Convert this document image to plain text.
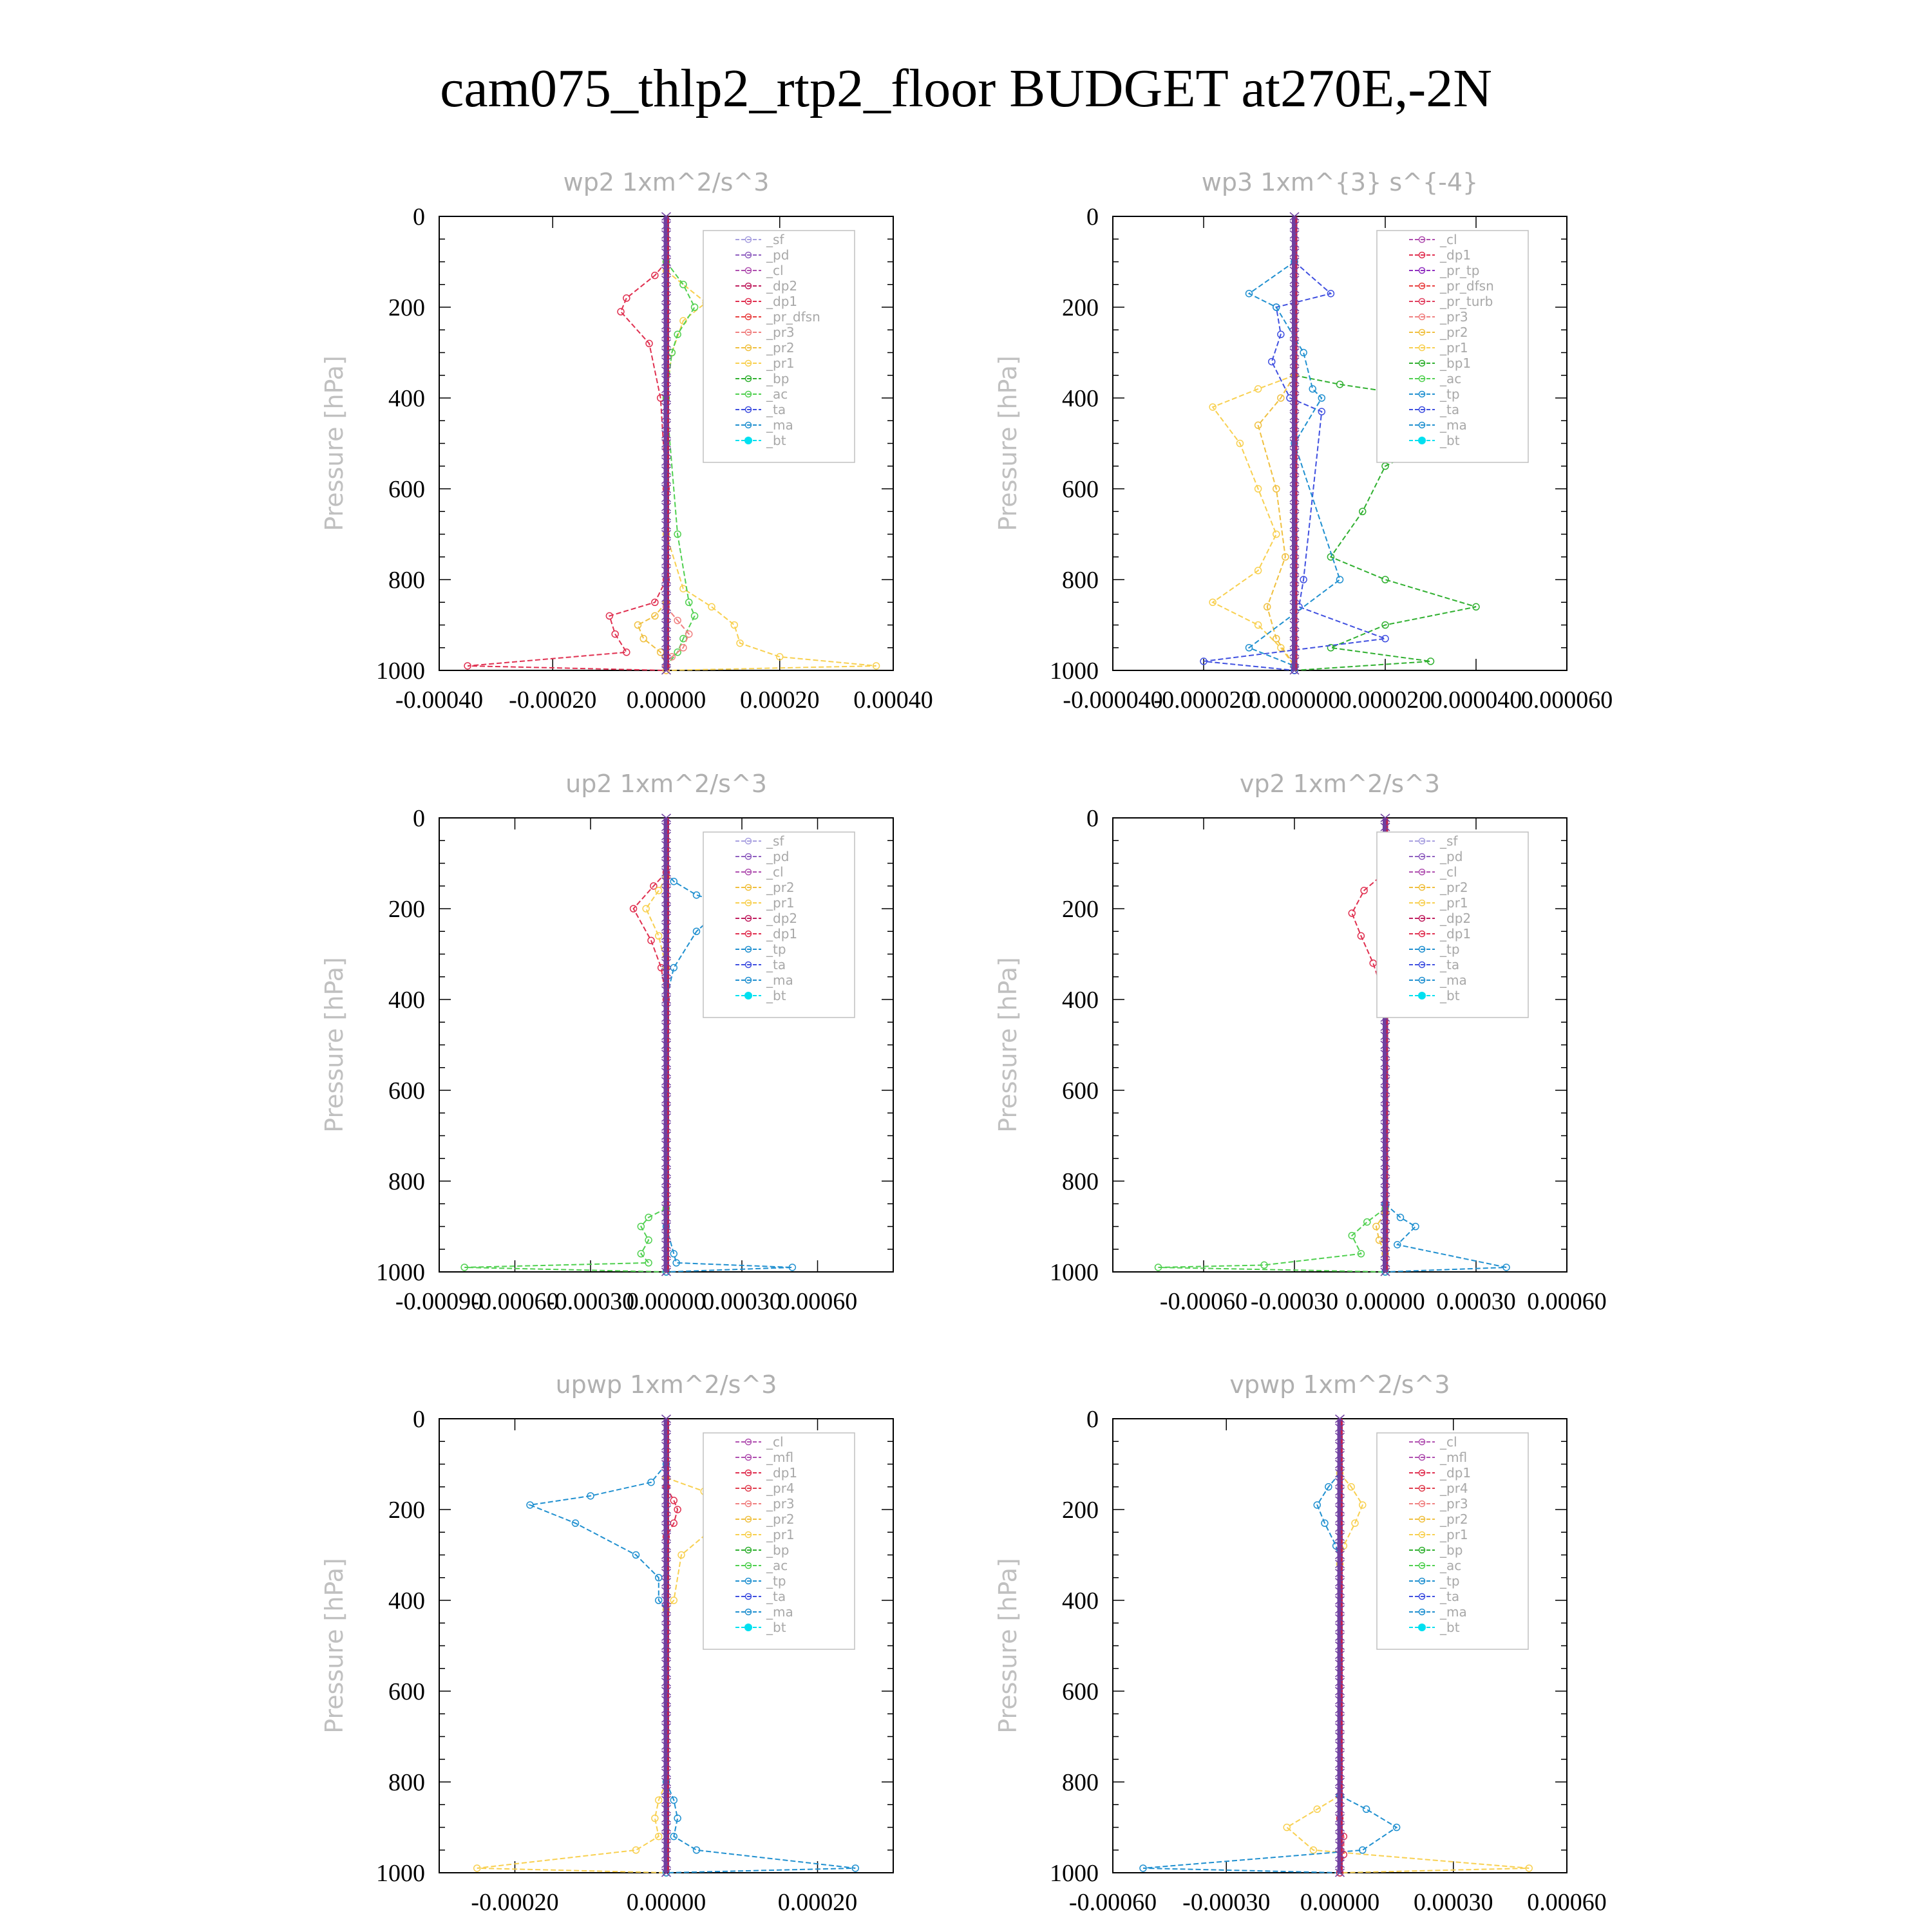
cam075_thlp2_rtp2_floor BUDGET at270E,-2N
wp2 1xm^2/s^3
Pressure [hPa]
0
200
400
600
800
1000
-0.00040 -0.00020 0.00000 0.00020 0.00040
_sf
_pd
_cl
_dp2
_dp1
_pr_dfsn
_pr3
_pr2
_pr1
_bp
_ac
_ta
_ma
_bt
wp3 1xm^{3} s^{-4}
Pressure [hPa]
0
200
400
600
800
1000
-0.000040
-0.000020
0.000000
0.000020
0.000040
0.000060
_cl
_dp1
_pr_tp
_pr_dfsn
_pr_turb
_pr3
_pr2
_pr1
_bp1
_ac
_tp
_ta
_ma
_bt
up2 1xm^2/s^3
Pressure [hPa]
0
200
400
600
800
1000
-0.00090
-0.00060
-0.00030
0.00000
0.00030
0.00060
_sf
_pd
_cl
_pr2
_pr1
_dp2
_dp1
_tp
_ta
_ma
_bt
vp2 1xm^2/s^3
Pressure [hPa]
0
200
400
600
800
1000
-0.00060 -0.00030 0.00000 0.00030 0.00060
_sf
_pd
_cl
_pr2
_pr1
_dp2
_dp1
_tp
_ta
_ma
_bt
upwp 1xm^2/s^3
Pressure [hPa]
0
200
400
600
800
1000
-0.00020	0.00000	0.00020
_cl
_mfl
_dp1
_pr4
_pr3
_pr2
_pr1
_bp
_ac
_tp
_ta
_ma
_bt
vpwp 1xm^2/s^3
Pressure [hPa]
0
200
400
600
800
1000
-0.00060 -0.00030 0.00000 0.00030 0.00060
_cl
_mfl
_dp1
_pr4
_pr3
_pr2
_pr1
_bp
_ac
_tp
_ta
_ma
_bt
